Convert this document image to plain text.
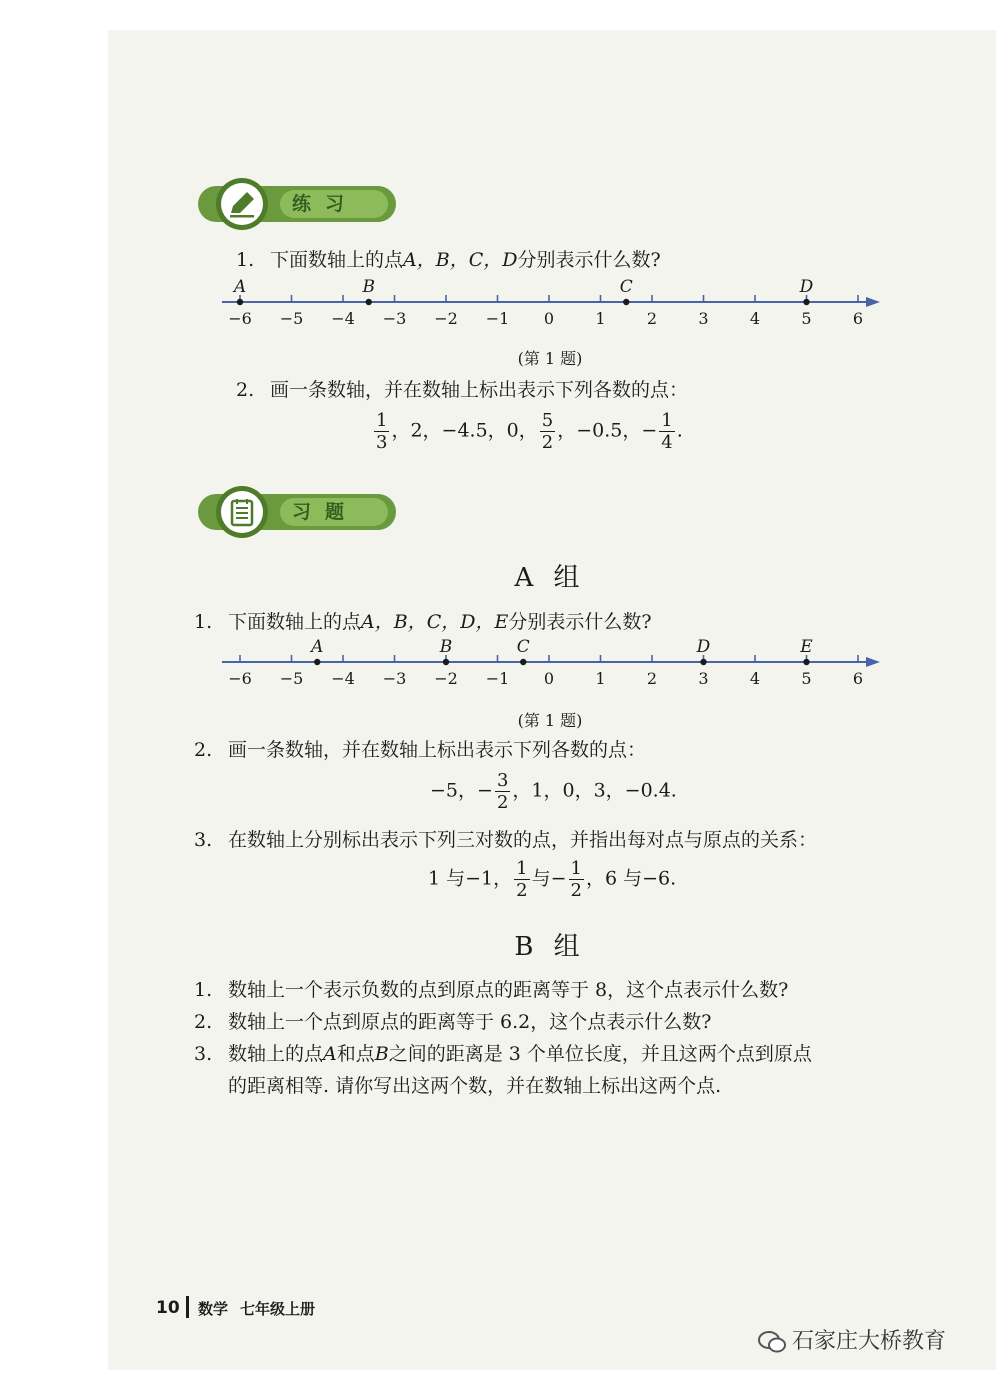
练习
1. 下面数轴上的点A，B，C，D分别表示什么数?
−6 −5 −4 −3 −2 −1 0	1	2	3	4	5	6
A	B	C	D
(第 1 题)
2. 画一条数轴，并在数轴上标出表示下列各数的点：
$\frac{1}{3}$ ，2，−4.5，0， $\frac{5}{2}$ ，−0.5，− $\frac{1}{4}$ .
习题
A 组
1. 下面数轴上的点A，B，C，D，E分别表示什么数?
−6 −5 −4 −3 −2 −1 0	1	2	3	4	5	6
A	B	C	D	E
(第 1 题)
2. 画一条数轴，并在数轴上标出表示下列各数的点：
−5，− $\frac{3}{2}$ ，1，0，3，−0.4.
3. 在数轴上分别标出表示下列三对数的点，并指出每对点与原点的关系：
1 与−1， $\frac{1}{2}$ 与− $\frac{1}{2}$ ，6 与−6.
B 组
1. 数轴上一个表示负数的点到原点的距离等于 8，这个点表示什么数?
2. 数轴上一个点到原点的距离等于 6.2，这个点表示什么数?
3. 数轴上的点A和点B之间的距离是 3 个单位长度，并且这两个点到原点
的距离相等. 请你写出这两个数，并在数轴上标出这两个点.
10 数学 七年级上册
石家庄大桥教育
